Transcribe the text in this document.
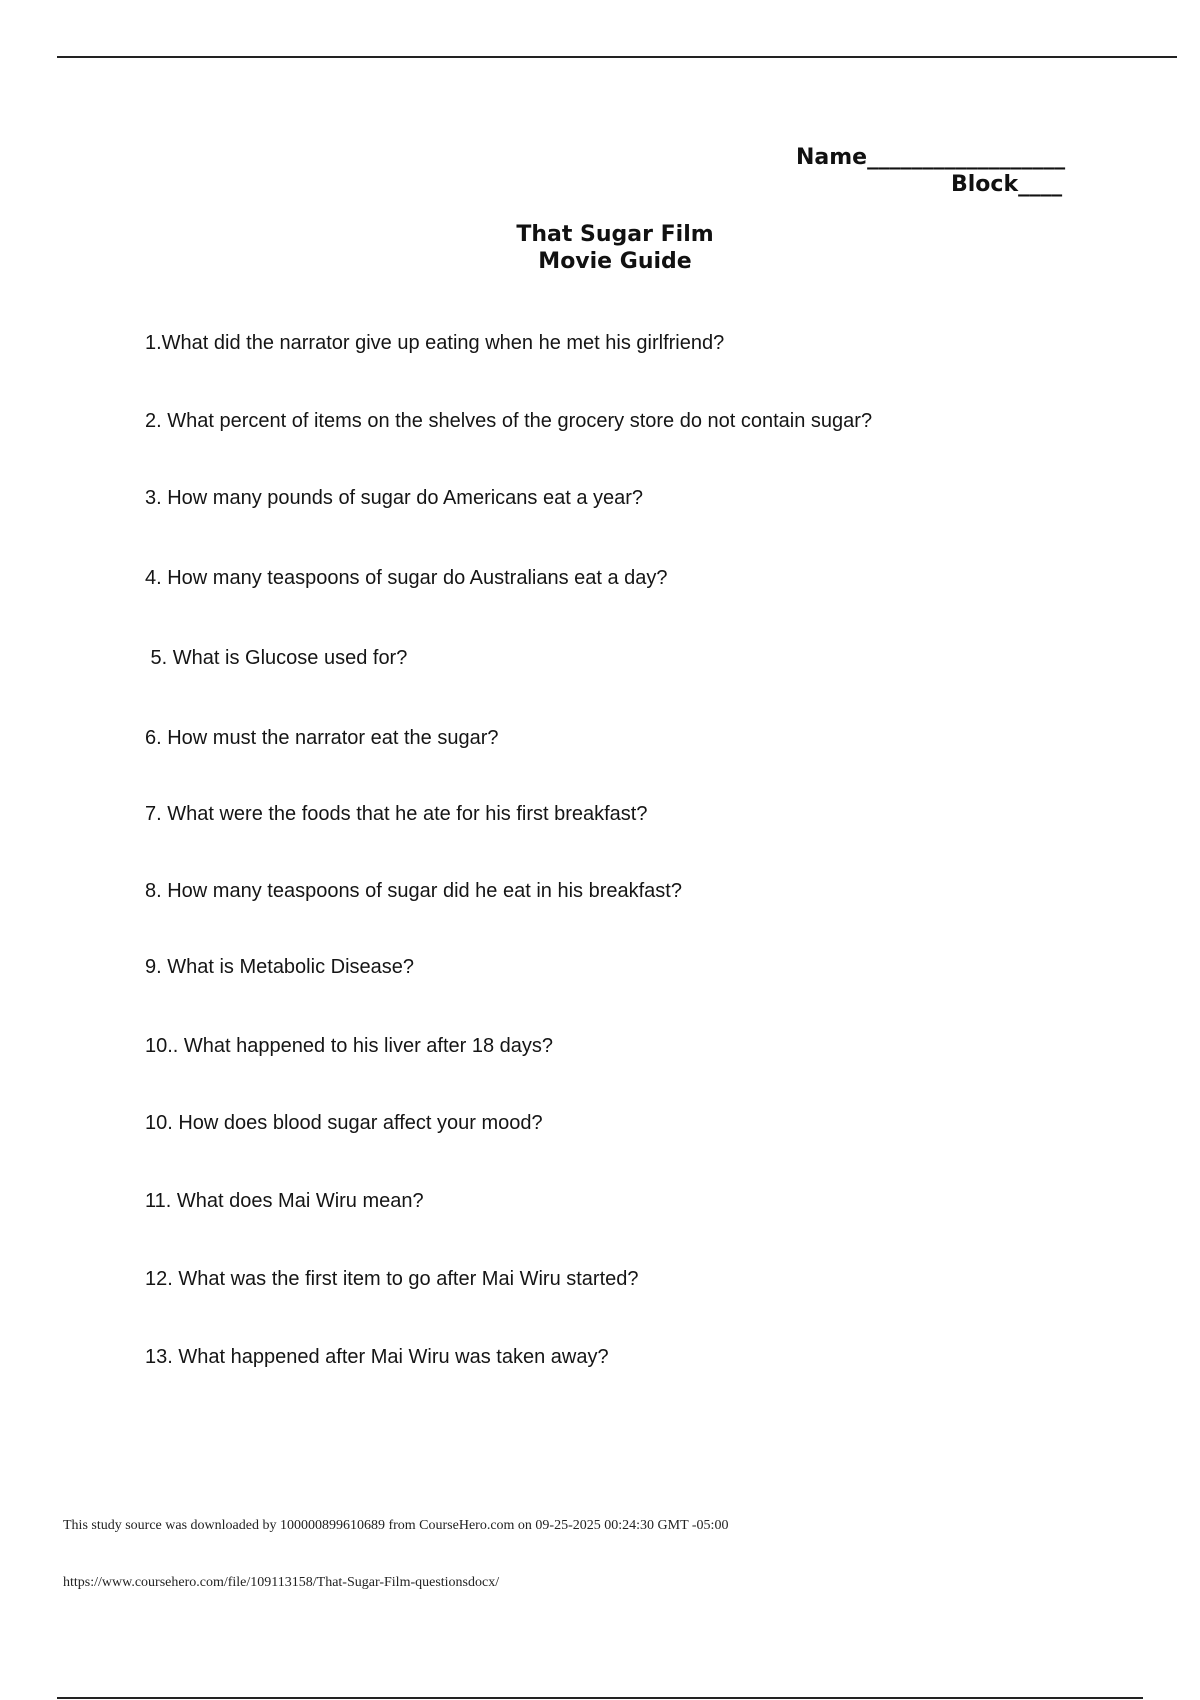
Name__________________
Block____
That Sugar Film
Movie Guide
1.What did the narrator give up eating when he met his girlfriend?
2. What percent of items on the shelves of the grocery store do not contain sugar?
3. How many pounds of sugar do Americans eat a year?
4. How many teaspoons of sugar do Australians eat a day?
5. What is Glucose used for?
6. How must the narrator eat the sugar?
7. What were the foods that he ate for his first breakfast?
8. How many teaspoons of sugar did he eat in his breakfast?
9. What is Metabolic Disease?
10.. What happened to his liver after 18 days?
10. How does blood sugar affect your mood?
11. What does Mai Wiru mean?
12. What was the first item to go after Mai Wiru started?
13. What happened after Mai Wiru was taken away?
This study source was downloaded by 100000899610689 from CourseHero.com on 09-25-2025 00:24:30 GMT -05:00
https://www.coursehero.com/file/109113158/That-Sugar-Film-questionsdocx/
